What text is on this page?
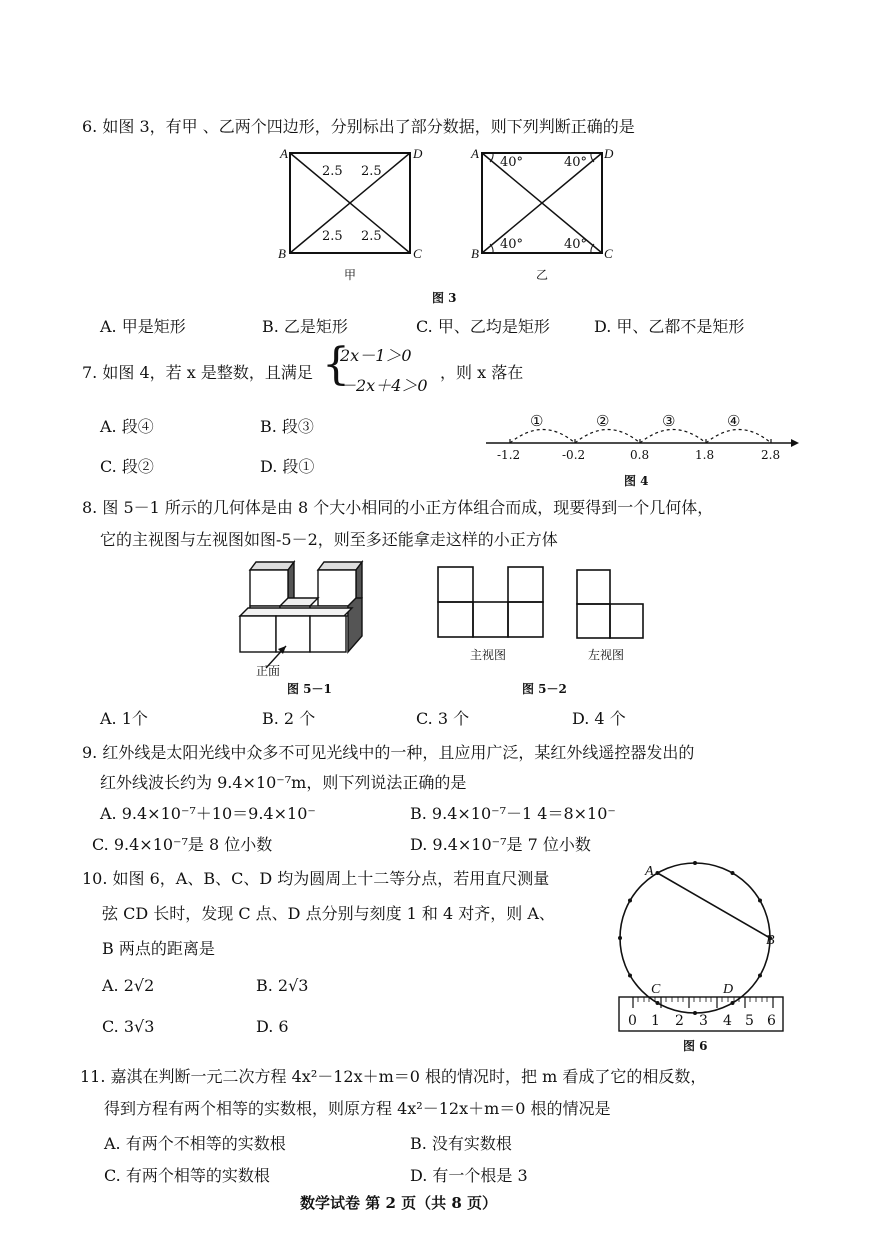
6. 如图 3，有甲 、乙两个四边形，分别标出了部分数据，则下列判断正确的是
A	D
B	C
2.5 2.5
2.5 2.5
甲
A	D
B	C
40°	40°
40°	40°
乙
图 3
A. 甲是矩形	B. 乙是矩形	C. 甲、乙均是矩形	D. 甲、乙都不是矩形
7. 如图 4，若 x 是整数，且满足 {
2x－1＞0
－2x＋4＞0
，则 x 落在
A. 段④	B. 段③
C. 段②	D. 段①
①	②	③	④
-1.2	-0.2	0.8	1.8	2.8
图 4
8. 图 5－1 所示的几何体是由 8 个大小相同的小正方体组合而成，现要得到一个几何体，
它的主视图与左视图如图-5－2，则至多还能拿走这样的小正方体
正面
图 5－1
主视图	左视图
图 5－2
A. 1个	B. 2 个	C. 3 个	D. 4 个
9. 红外线是太阳光线中众多不可见光线中的一种，且应用广泛，某红外线遥控器发出的
红外线波长约为 9.4×10⁻⁷m，则下列说法正确的是
A. 9.4×10⁻⁷＋10＝9.4×10⁻	B. 9.4×10⁻⁷－1 4＝8×10⁻
C. 9.4×10⁻⁷是 8 位小数	D. 9.4×10⁻⁷是 7 位小数
10. 如图 6，A、B、C、D 均为圆周上十二等分点，若用直尺测量
弦 CD 长时，发现 C 点、D 点分别与刻度 1 和 4 对齐，则 A、
B 两点的距离是
A. 2√2	B. 2√3
C. 3√3	D. 6
A
B
C	D
0 1 2 3 4 5 6
图 6
11. 嘉淇在判断一元二次方程 4x²－12x＋m＝0 根的情况时，把 m 看成了它的相反数，
得到方程有两个相等的实数根，则原方程 4x²－12x＋m＝0 根的情况是
A. 有两个不相等的实数根	B. 没有实数根
C. 有两个相等的实数根	D. 有一个根是 3
数学试卷 第 2 页（共 8 页）
